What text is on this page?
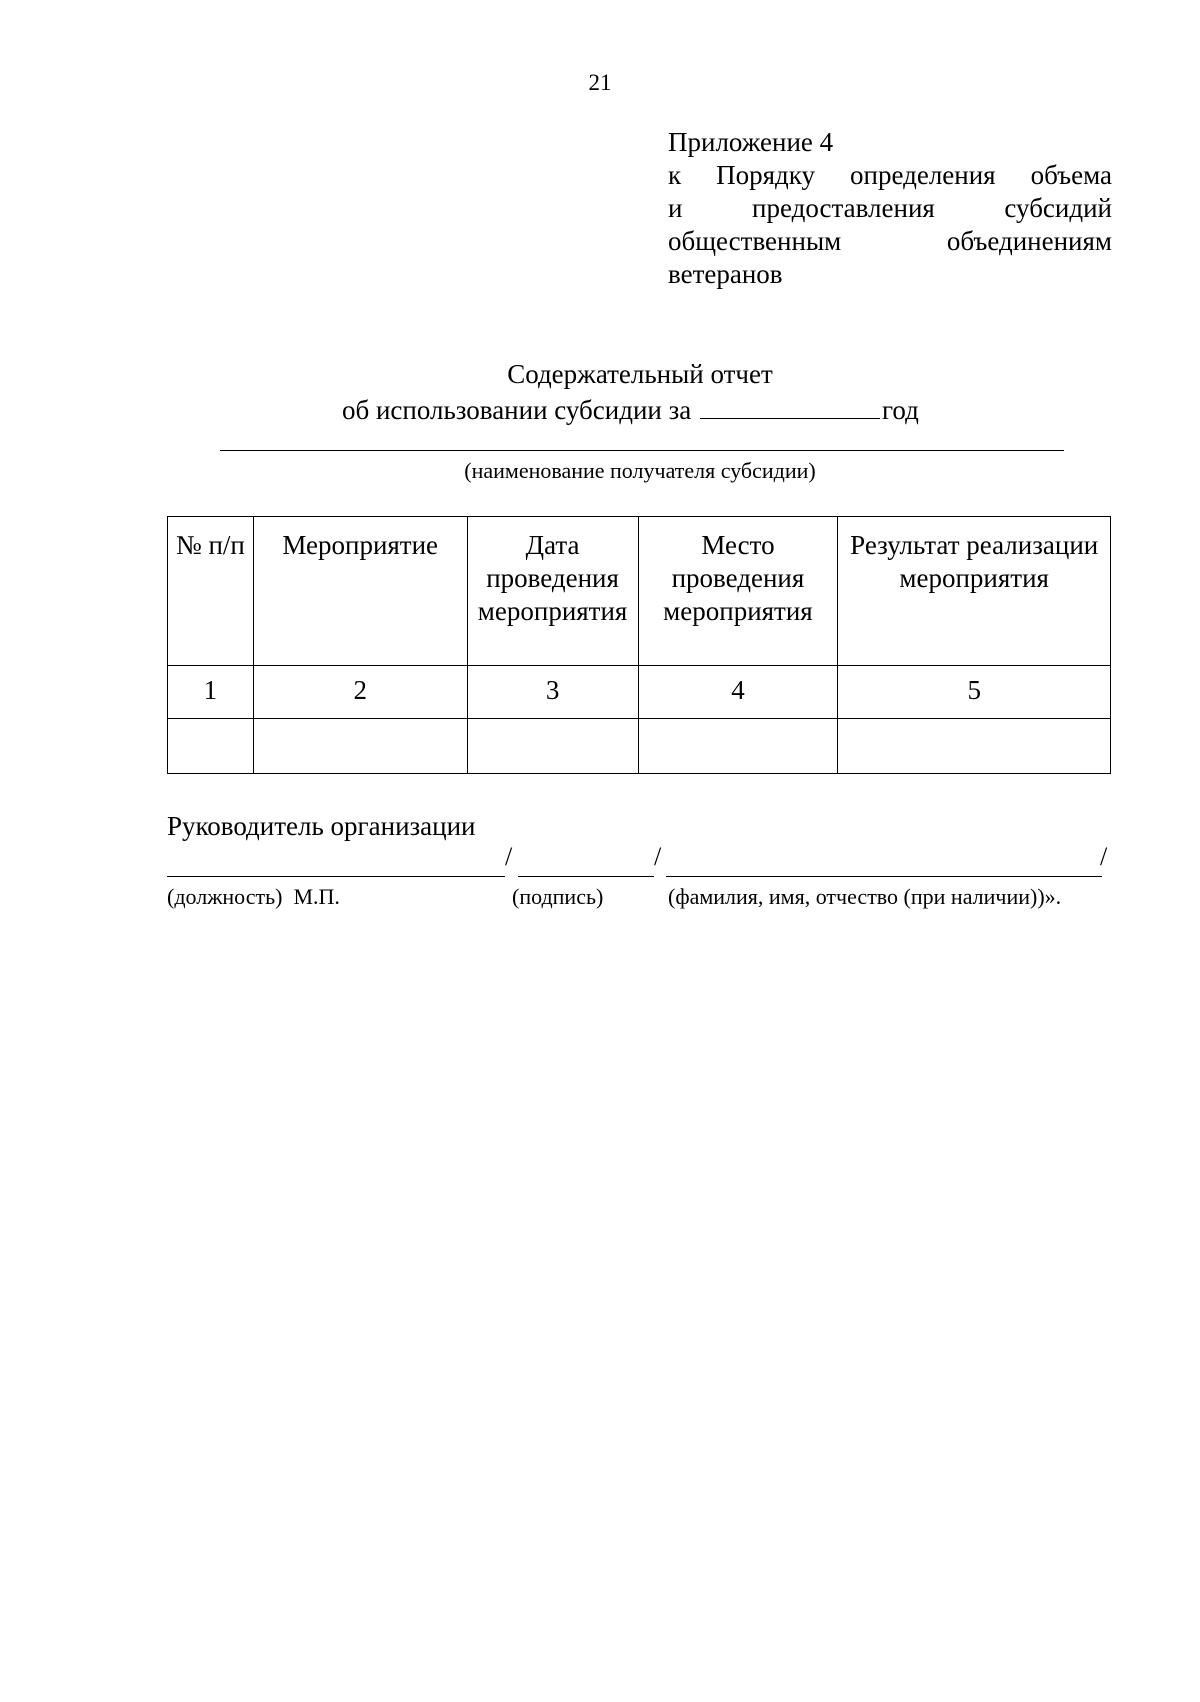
21
Приложение 4
к Порядку определения объема
и предоставления субсидий
общественным объединениям
ветеранов
Содержательный отчет
об использовании субсидии за	год
(наименование получателя субсидии)
№ п/п	Мероприятие	Дата проведения мероприятия	Место проведения мероприятия	Результат реализации мероприятия
1	2	3	4	5

Руководитель организации
/	/	/
(должность)  М.П.	(подпись)	(фамилия, имя, отчество (при наличии))».
